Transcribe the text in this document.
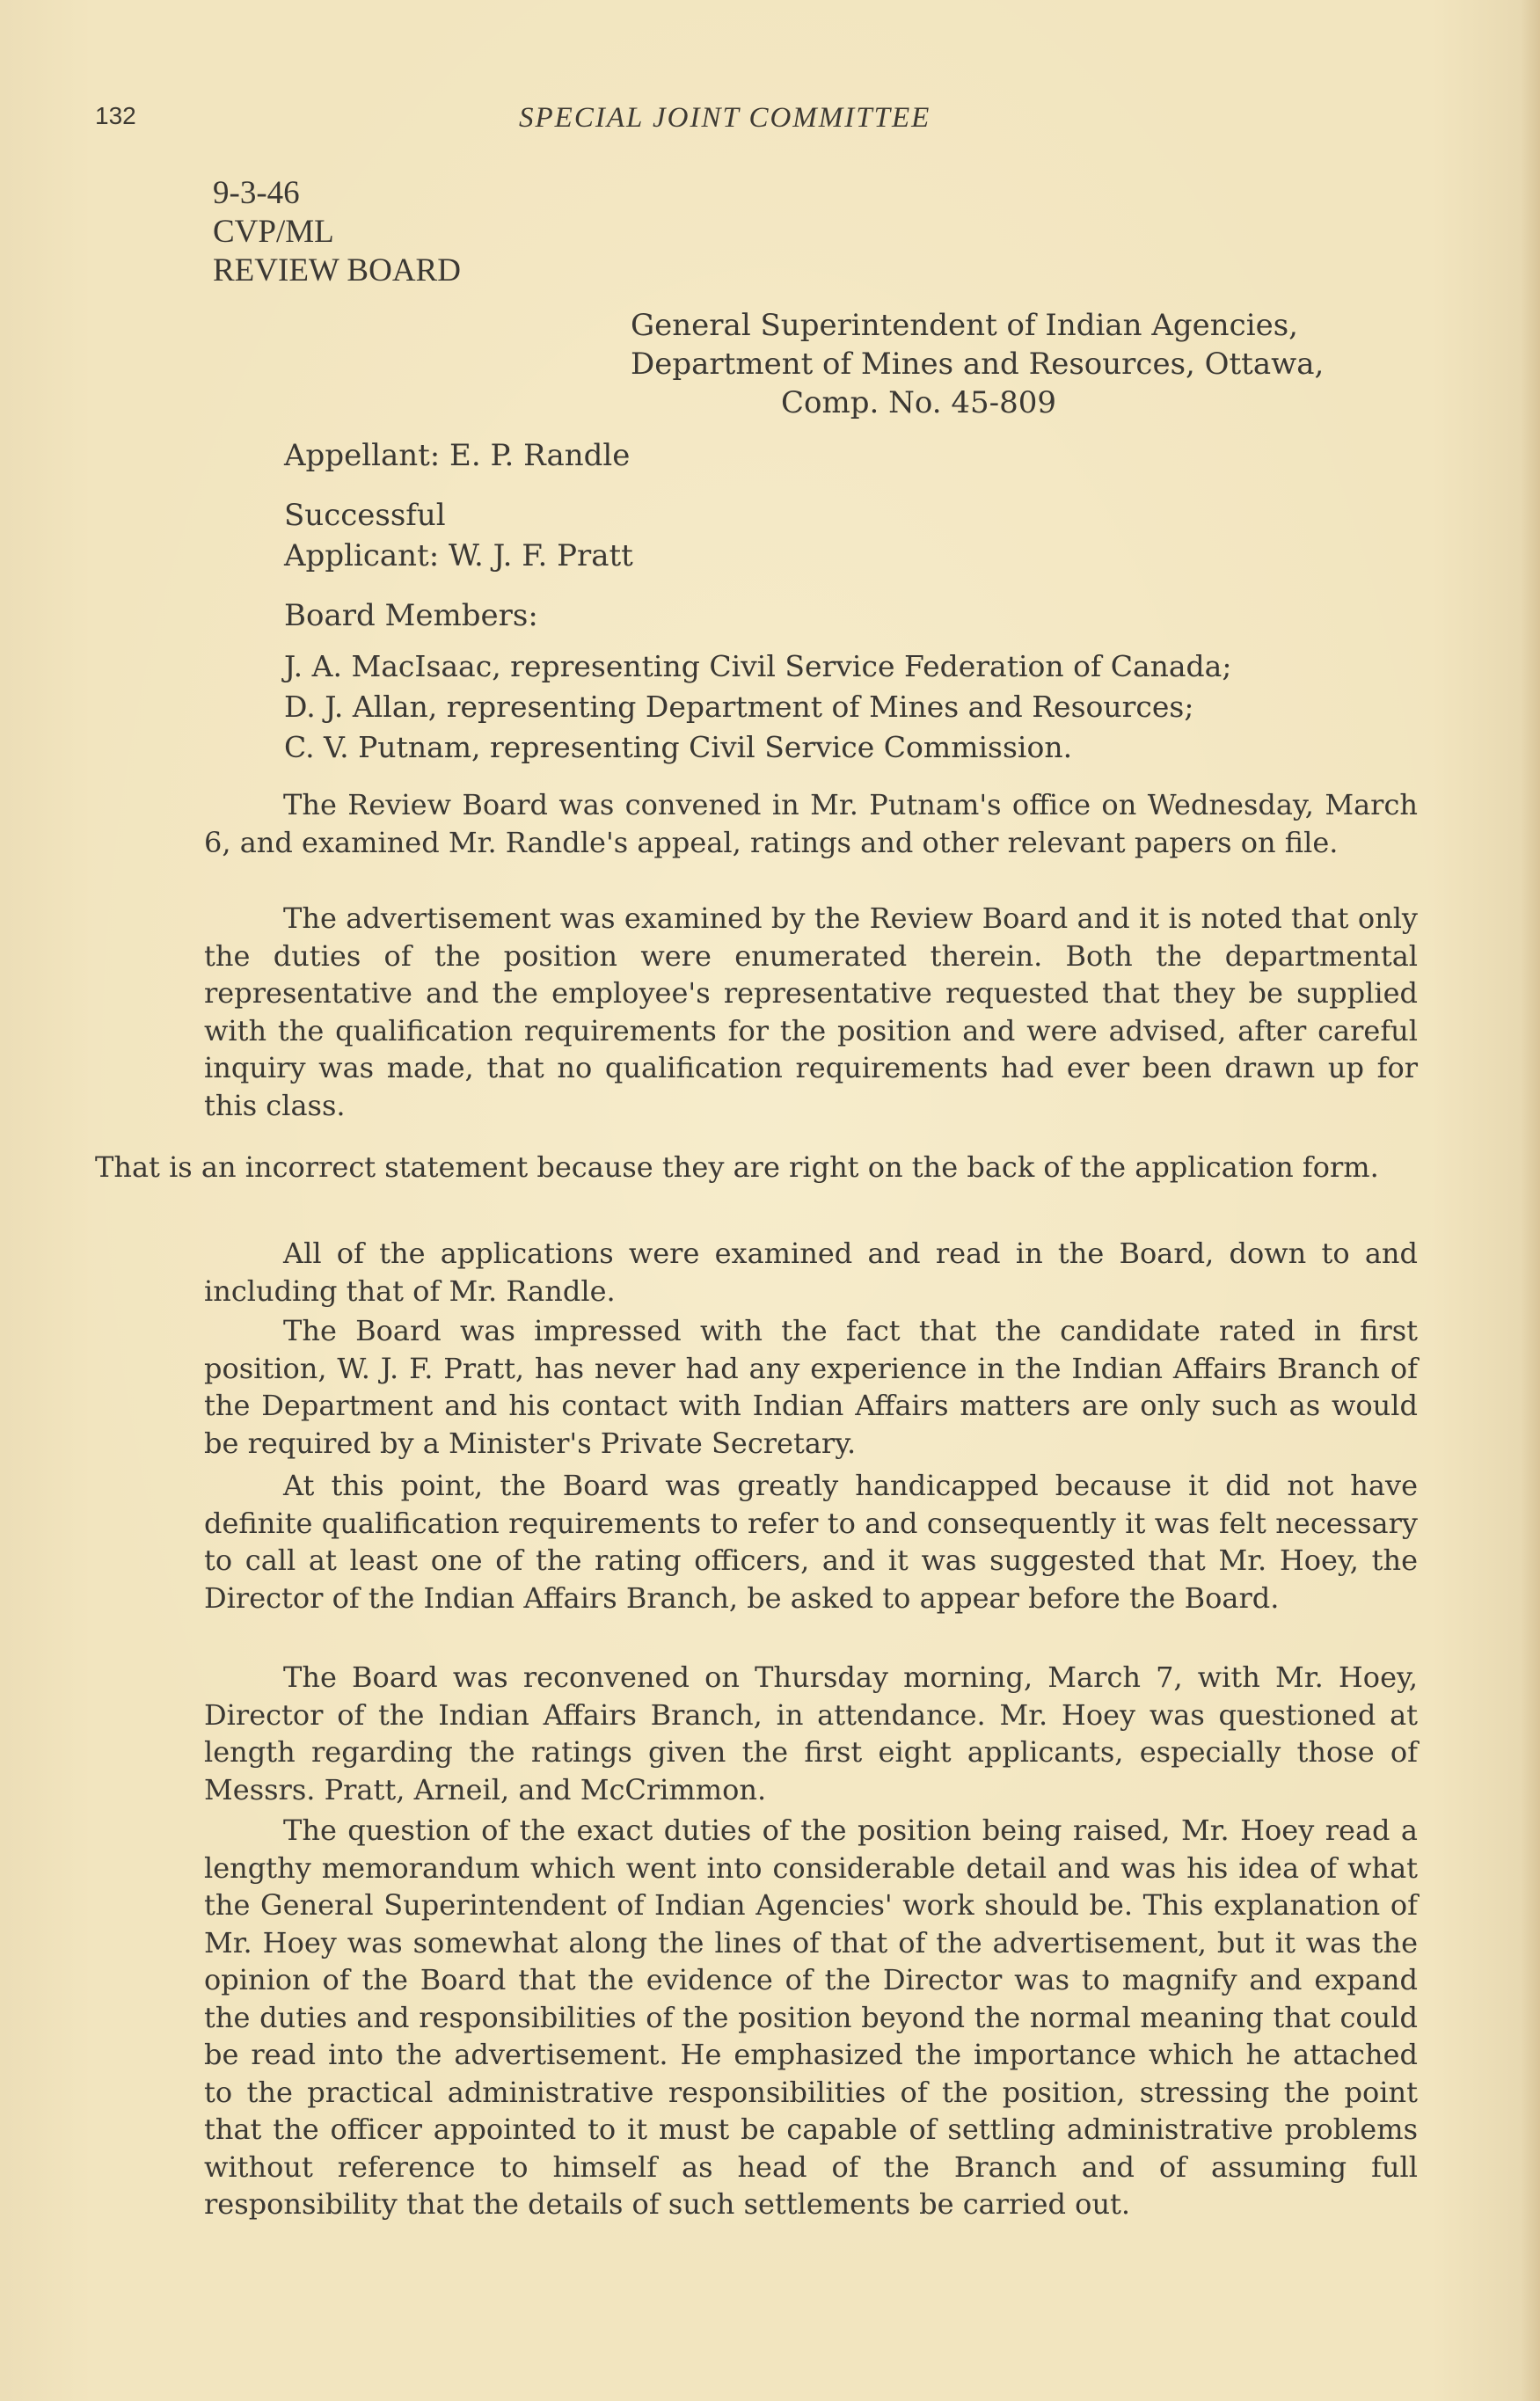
132	SPECIAL JOINT COMMITTEE
9-3-46
CVP/ML
REVIEW BOARD
General Superintendent of Indian Agencies,
Department of Mines and Resources, Ottawa,
Comp. No. 45-809
Appellant: E. P. Randle
Successful
Applicant: W. J. F. Pratt
Board Members:
J. A. MacIsaac, representing Civil Service Federation of Canada;
D. J. Allan, representing Department of Mines and Resources;
C. V. Putnam, representing Civil Service Commission.

The Review Board was convened in Mr. Putnam's office on Wednesday, March 6, and examined Mr. Randle's appeal, ratings and other relevant papers on file.

The advertisement was examined by the Review Board and it is noted that only the duties of the position were enumerated therein. Both the departmental representative and the employee's representative requested that they be supplied with the qualification requirements for the position and were advised, after careful inquiry was made, that no qualification requirements had ever been drawn up for this class.

That is an incorrect statement because they are right on the back of the application form.

All of the applications were examined and read in the Board, down to and including that of Mr. Randle.

The Board was impressed with the fact that the candidate rated in first position, W. J. F. Pratt, has never had any experience in the Indian Affairs Branch of the Department and his contact with Indian Affairs matters are only such as would be required by a Minister's Private Secretary.

At this point, the Board was greatly handicapped because it did not have definite qualification requirements to refer to and consequently it was felt necessary to call at least one of the rating officers, and it was suggested that Mr. Hoey, the Director of the Indian Affairs Branch, be asked to appear before the Board.

The Board was reconvened on Thursday morning, March 7, with Mr. Hoey, Director of the Indian Affairs Branch, in attendance. Mr. Hoey was questioned at length regarding the ratings given the first eight applicants, especially those of Messrs. Pratt, Arneil, and McCrimmon.

The question of the exact duties of the position being raised, Mr. Hoey read a lengthy memorandum which went into considerable detail and was his idea of what the General Superintendent of Indian Agencies' work should be. This explanation of Mr. Hoey was somewhat along the lines of that of the advertisement, but it was the opinion of the Board that the evidence of the Director was to magnify and expand the duties and responsibilities of the position beyond the normal meaning that could be read into the advertisement. He emphasized the importance which he attached to the practical administrative responsibilities of the position, stressing the point that the officer appointed to it must be capable of settling administrative problems without reference to himself as head of the Branch and of assuming full responsibility that the details of such settlements be carried out.
